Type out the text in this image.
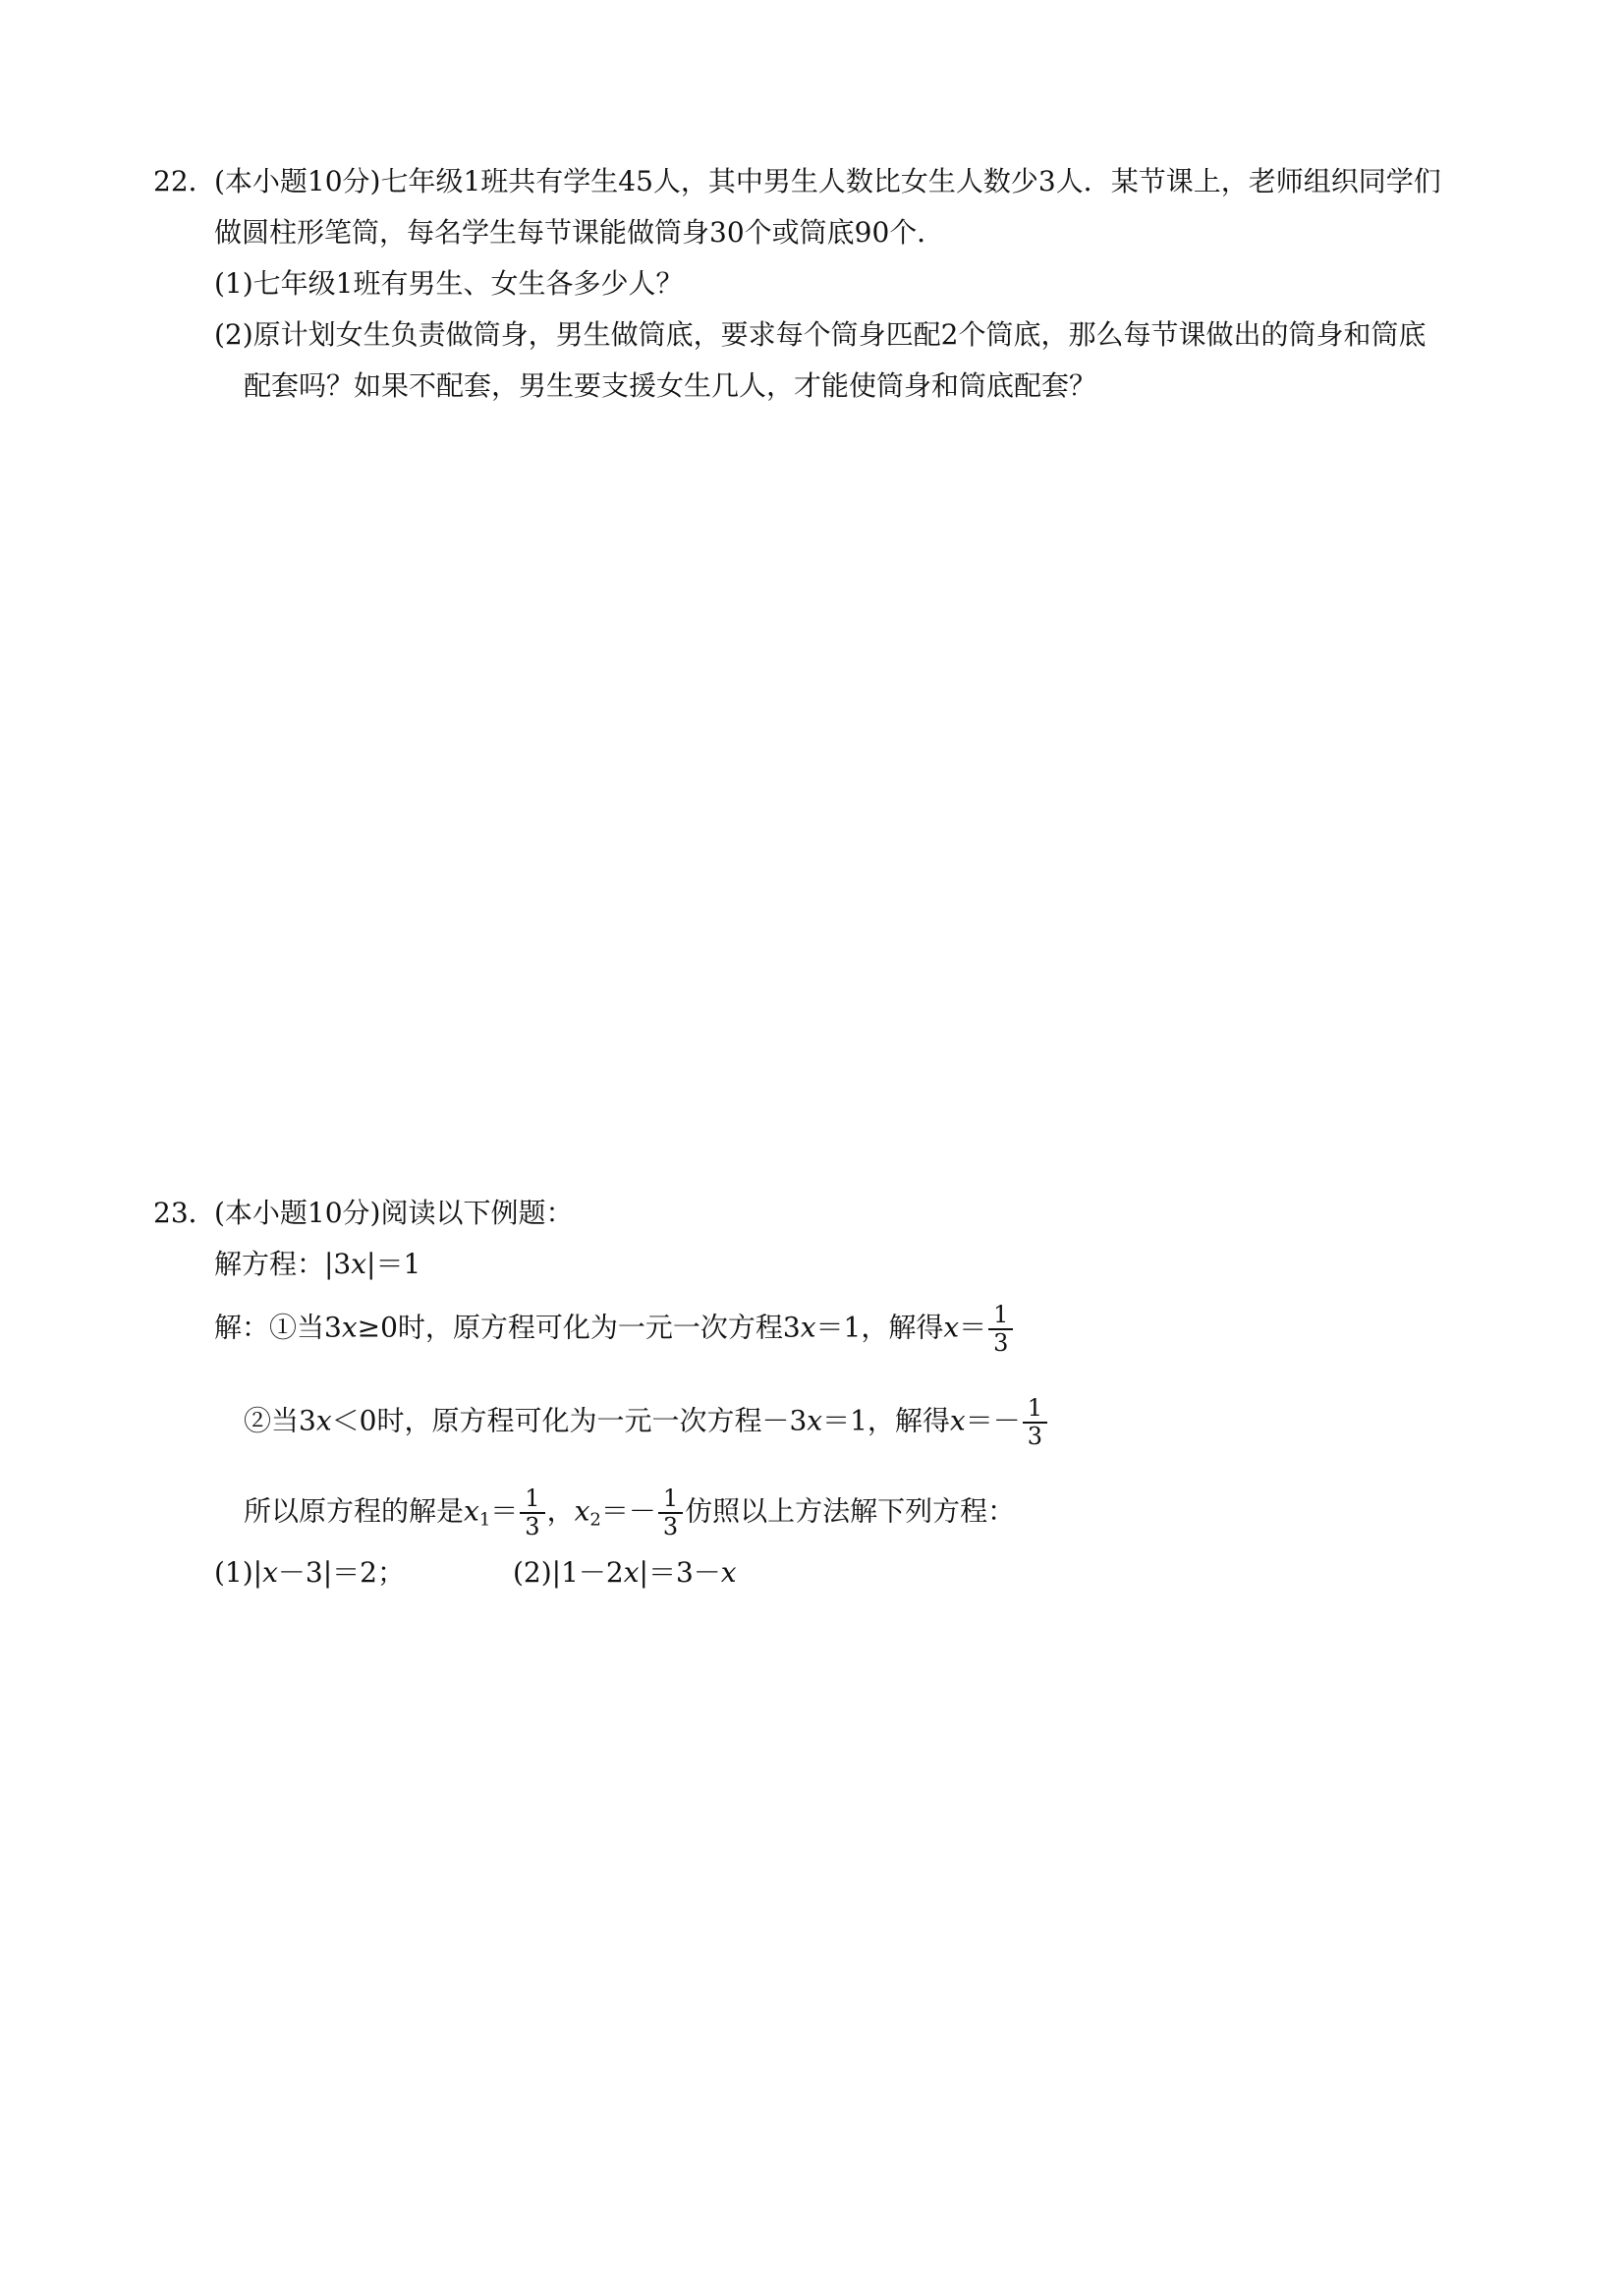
22．
(本小题10分)七年级1班共有学生45人，其中男生人数比女生人数少3人．某节课上，老师组织同学们
做圆柱形笔筒，每名学生每节课能做筒身30个或筒底90个．
(1)七年级1班有男生、女生各多少人？
(2)原计划女生负责做筒身，男生做筒底，要求每个筒身匹配2个筒底，那么每节课做出的筒身和筒底
配套吗？如果不配套，男生要支援女生几人，才能使筒身和筒底配套？
23．
(本小题10分)阅读以下例题：
解方程：|3x|＝1
解：①当3x≥0时，原方程可化为一元一次方程3x＝1，解得$x= \frac{1}{3}$
②当3x＜0时，原方程可化为一元一次方程－3x＝1，解得$x=- \frac{1}{3}$
所以原方程的解是$x_1= \frac{1}{3}$ ，$x_2=- \frac{1}{3}$ 仿照以上方法解下列方程：
(1)|x－3|＝2；	(2)|1－2x|＝3－x
